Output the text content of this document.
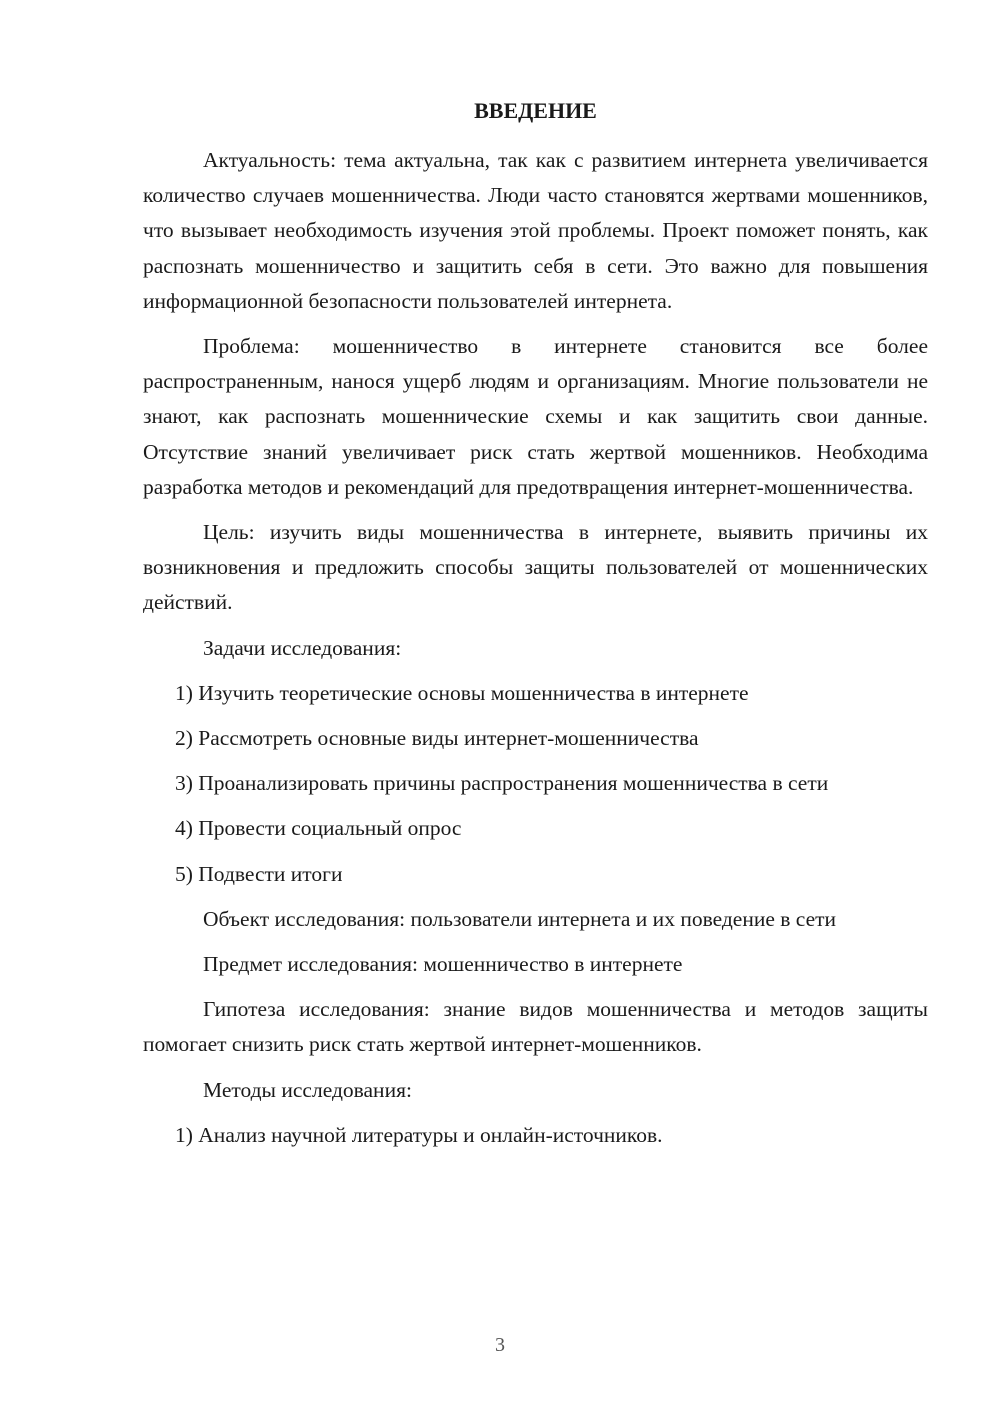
ВВЕДЕНИЕ

Актуальность: тема актуальна, так как с развитием интернета увеличивается количество случаев мошенничества. Люди часто становятся жертвами мошенников, что вызывает необходимость изучения этой проблемы. Проект поможет понять, как распознать мошенничество и защитить себя в сети. Это важно для повышения информационной безопасности пользователей интернета.

Проблема: мошенничество в интернете становится все более распространенным, нанося ущерб людям и организациям. Многие пользователи не знают, как распознать мошеннические схемы и как защитить свои данные. Отсутствие знаний увеличивает риск стать жертвой мошенников. Необходима разработка методов и рекомендаций для предотвращения интернет-мошенничества.

Цель: изучить виды мошенничества в интернете, выявить причины их возникновения и предложить способы защиты пользователей от мошеннических действий.

Задачи исследования:

1) Изучить теоретические основы мошенничества в интернете

2) Рассмотреть основные виды интернет-мошенничества

3) Проанализировать причины распространения мошенничества в сети

4) Провести социальный опрос

5) Подвести итоги

Объект исследования: пользователи интернета и их поведение в сети

Предмет исследования: мошенничество в интернете

Гипотеза исследования: знание видов мошенничества и методов защиты помогает снизить риск стать жертвой интернет-мошенников.

Методы исследования:

1) Анализ научной литературы и онлайн-источников.

3
